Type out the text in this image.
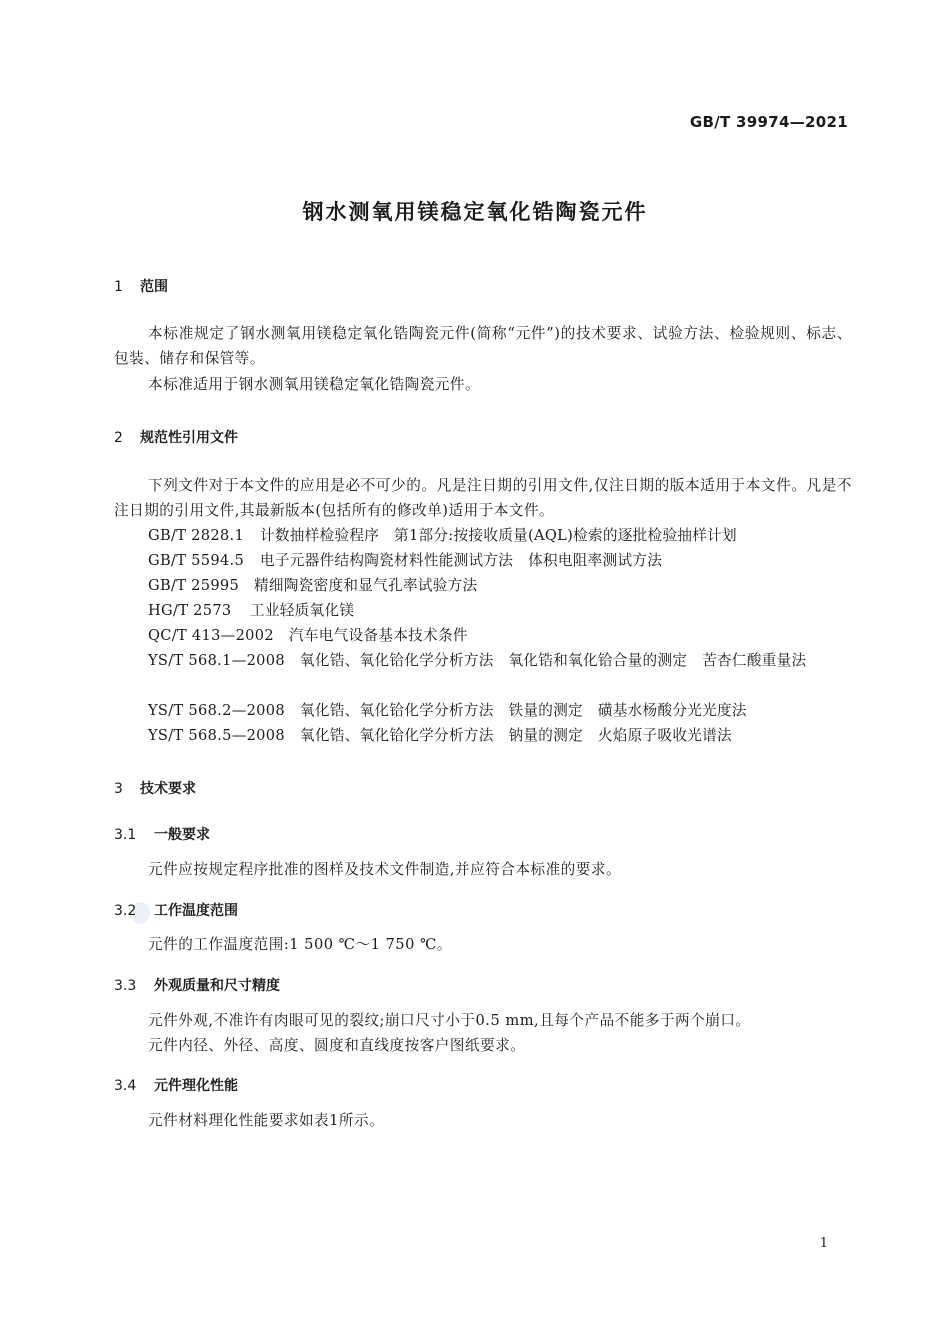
GB/T 39974—2021
钢水测氧用镁稳定氧化锆陶瓷元件
1 范围
本标准规定了钢水测氧用镁稳定氧化锆陶瓷元件(简称“元件”)的技术要求、试验方法、检验规则、标志、包装、储存和保管等。
本标准适用于钢水测氧用镁稳定氧化锆陶瓷元件。
2 规范性引用文件
下列文件对于本文件的应用是必不可少的。凡是注日期的引用文件,仅注日期的版本适用于本文件。凡是不注日期的引用文件,其最新版本(包括所有的修改单)适用于本文件。
GB/T 2828.1 计数抽样检验程序　第1部分:按接收质量(AQL)检索的逐批检验抽样计划
GB/T 5594.5 电子元器件结构陶瓷材料性能测试方法　体积电阻率测试方法
GB/T 25995 精细陶瓷密度和显气孔率试验方法
HG/T 2573 工业轻质氧化镁
QC/T 413—2002 汽车电气设备基本技术条件
YS/T 568.1—2008 氧化锆、氧化铪化学分析方法　氧化锆和氧化铪合量的测定　苦杏仁酸重量法
YS/T 568.2—2008 氧化锆、氧化铪化学分析方法　铁量的测定　磺基水杨酸分光光度法
YS/T 568.5—2008 氧化锆、氧化铪化学分析方法　钠量的测定　火焰原子吸收光谱法
3 技术要求
3.1 一般要求
元件应按规定程序批准的图样及技术文件制造,并应符合本标准的要求。
3.2 工作温度范围
元件的工作温度范围:1 500 ℃～1 750 ℃。
3.3 外观质量和尺寸精度
元件外观,不准许有肉眼可见的裂纹;崩口尺寸小于0.5 mm,且每个产品不能多于两个崩口。
元件内径、外径、高度、圆度和直线度按客户图纸要求。
3.4 元件理化性能
元件材料理化性能要求如表1所示。
1
